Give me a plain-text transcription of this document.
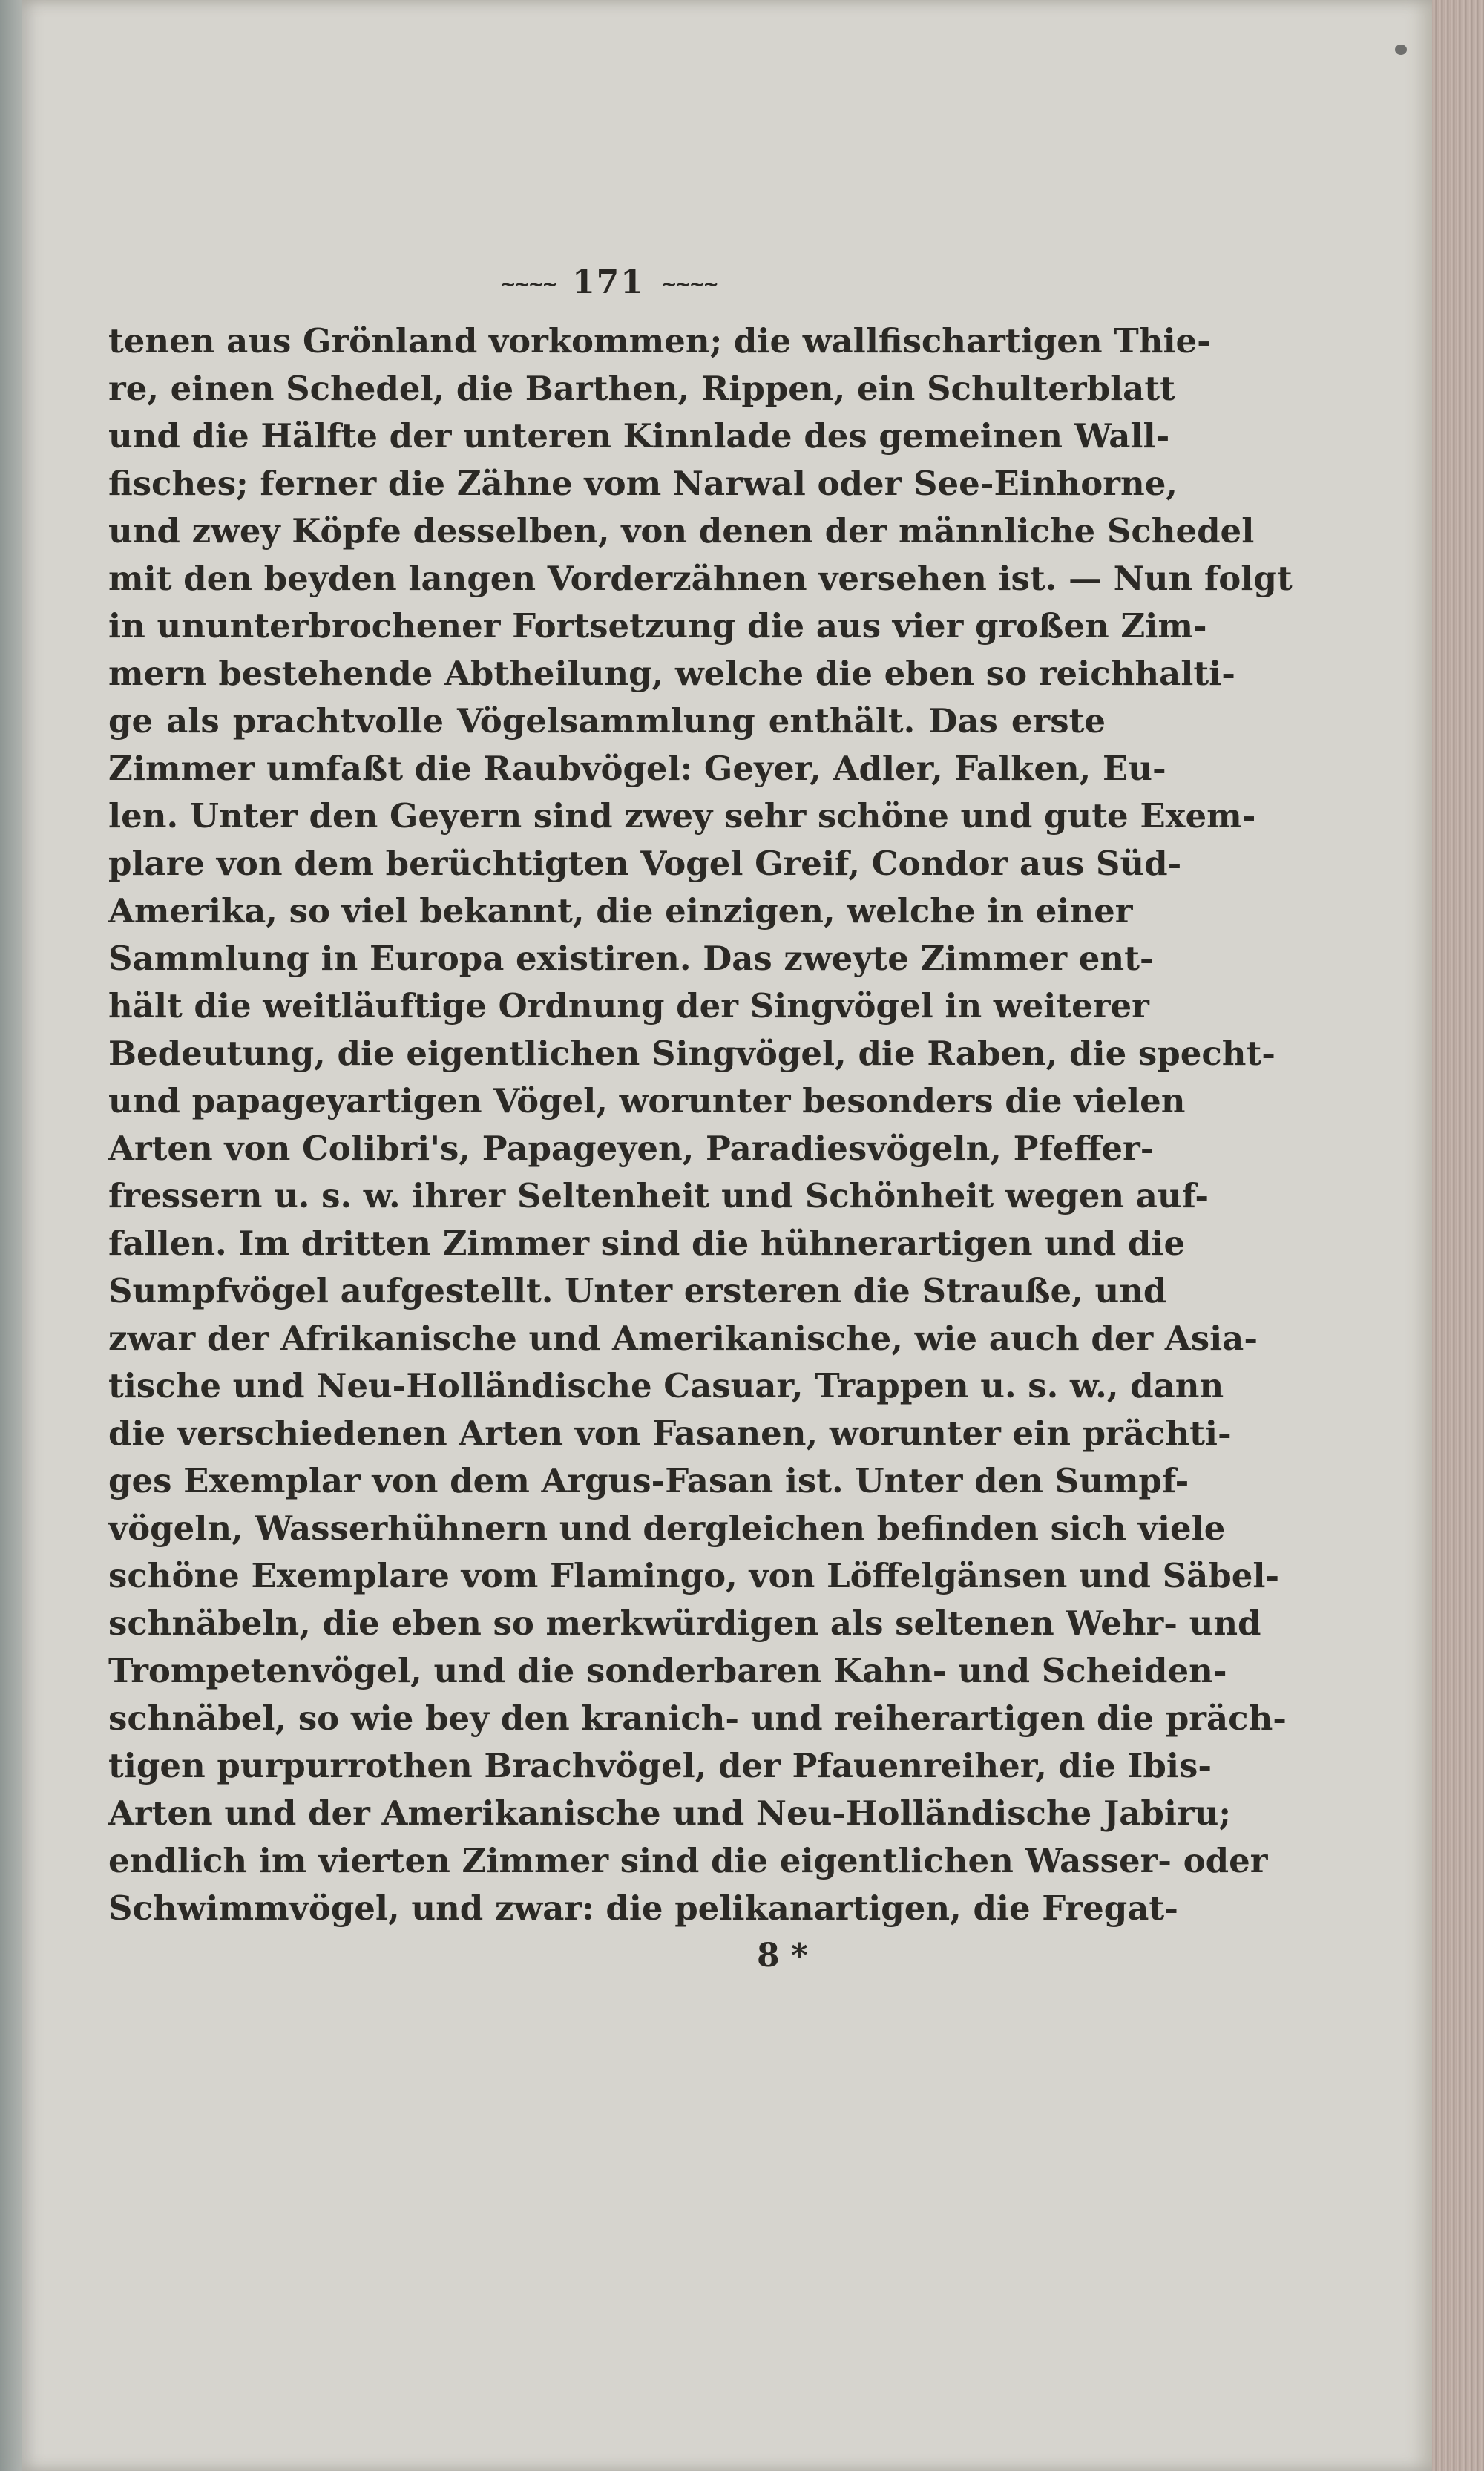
~~~~ 171 ~~~~
tenen aus Grönland vorkommen; die wallfischartigen Thie-
re, einen Schedel, die Barthen, Rippen, ein Schulterblatt
und die Hälfte der unteren Kinnlade des gemeinen Wall-
fisches; ferner die Zähne vom Narwal oder See-Einhorne,
und zwey Köpfe desselben, von denen der männliche Schedel
mit den beyden langen Vorderzähnen versehen ist. — Nun folgt
in ununterbrochener Fortsetzung die aus vier großen Zim-
mern bestehende Abtheilung, welche die eben so reichhalti-
ge als prachtvolle Vögelsammlung enthält. Das erste
Zimmer umfaßt die Raubvögel: Geyer, Adler, Falken, Eu-
len. Unter den Geyern sind zwey sehr schöne und gute Exem-
plare von dem berüchtigten Vogel Greif, Condor aus Süd-
Amerika, so viel bekannt, die einzigen, welche in einer
Sammlung in Europa existiren. Das zweyte Zimmer ent-
hält die weitläuftige Ordnung der Singvögel in weiterer
Bedeutung, die eigentlichen Singvögel, die Raben, die specht-
und papageyartigen Vögel, worunter besonders die vielen
Arten von Colibri's, Papageyen, Paradiesvögeln, Pfeffer-
fressern u. s. w. ihrer Seltenheit und Schönheit wegen auf-
fallen. Im dritten Zimmer sind die hühnerartigen und die
Sumpfvögel aufgestellt. Unter ersteren die Strauße, und
zwar der Afrikanische und Amerikanische, wie auch der Asia-
tische und Neu-Holländische Casuar, Trappen u. s. w., dann
die verschiedenen Arten von Fasanen, worunter ein prächti-
ges Exemplar von dem Argus-Fasan ist. Unter den Sumpf-
vögeln, Wasserhühnern und dergleichen befinden sich viele
schöne Exemplare vom Flamingo, von Löffelgänsen und Säbel-
schnäbeln, die eben so merkwürdigen als seltenen Wehr- und
Trompetenvögel, und die sonderbaren Kahn- und Scheiden-
schnäbel, so wie bey den kranich- und reiherartigen die präch-
tigen purpurrothen Brachvögel, der Pfauenreiher, die Ibis-
Arten und der Amerikanische und Neu-Holländische Jabiru;
endlich im vierten Zimmer sind die eigentlichen Wasser- oder
Schwimmvögel, und zwar: die pelikanartigen, die Fregat-
8 *
